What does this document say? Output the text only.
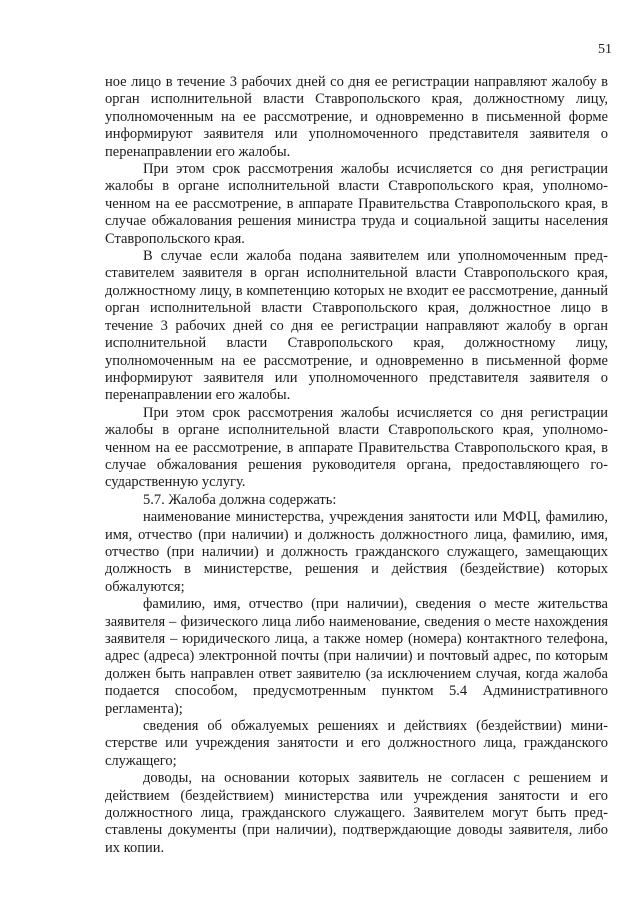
51

ное лицо в течение 3 рабочих дней со дня ее регистрации направляют жалобу в орган исполнительной власти Ставропольского края, должностному лицу, уполномоченным на ее рассмотрение, и одновременно в письменной форме информируют заявителя или уполномоченного представителя заявителя о перенаправлении его жалобы.

При этом срок рассмотрения жалобы исчисляется со дня регистрации жалобы в органе исполнительной власти Ставропольского края, уполномоченном на ее рассмотрение, в аппарате Правительства Ставропольского края, в случае обжалования решения министра труда и социальной защиты населения Ставропольского края.

В случае если жалоба подана заявителем или уполномоченным представителем заявителя в орган исполнительной власти Ставропольского края, должностному лицу, в компетенцию которых не входит ее рассмотрение, данный орган исполнительной власти Ставропольского края, должностное лицо в течение 3 рабочих дней со дня ее регистрации направляют жалобу в орган исполнительной власти Ставропольского края, должностному лицу, уполномоченным на ее рассмотрение, и одновременно в письменной форме информируют заявителя или уполномоченного представителя заявителя о перенаправлении его жалобы.

При этом срок рассмотрения жалобы исчисляется со дня регистрации жалобы в органе исполнительной власти Ставропольского края, уполномоченном на ее рассмотрение, в аппарате Правительства Ставропольского края, в случае обжалования решения руководителя органа, предоставляющего государственную услугу.

5.7. Жалоба должна содержать:

наименование министерства, учреждения занятости или МФЦ, фамилию, имя, отчество (при наличии) и должность должностного лица, фамилию, имя, отчество (при наличии) и должность гражданского служащего, замещающих должность в министерстве, решения и действия (бездействие) которых обжалуются;

фамилию, имя, отчество (при наличии), сведения о месте жительства заявителя – физического лица либо наименование, сведения о месте нахождения заявителя – юридического лица, а также номер (номера) контактного телефона, адрес (адреса) электронной почты (при наличии) и почтовый адрес, по которым должен быть направлен ответ заявителю (за исключением случая, когда жалоба подается способом, предусмотренным пунктом 5.4 Административного регламента);

сведения об обжалуемых решениях и действиях (бездействии) министерстве или учреждения занятости и его должностного лица, гражданского служащего;

доводы, на основании которых заявитель не согласен с решением и действием (бездействием) министерства или учреждения занятости и его должностного лица, гражданского служащего. Заявителем могут быть представлены документы (при наличии), подтверждающие доводы заявителя, либо их копии.
